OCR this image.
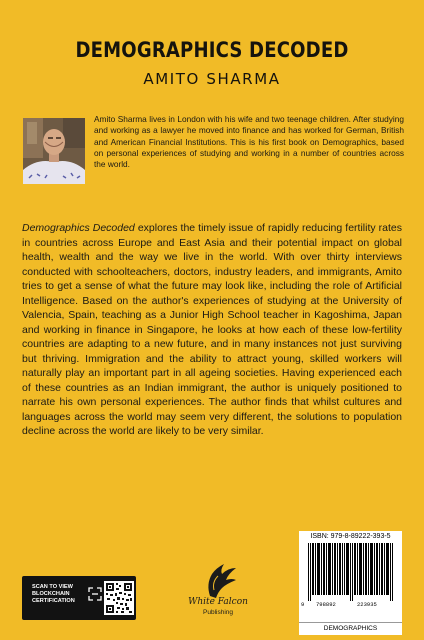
DEMOGRAPHICS DECODED
AMITO SHARMA
Amito Sharma lives in London with his wife and two teenage children. After studying and working as a lawyer he moved into finance and has worked for German, British and American Financial Institutions. This is his first book on Demographics, based on personal experiences of studying and working in a number of countries across the world.
Demographics Decoded explores the timely issue of rapidly reducing fertility rates in countries across Europe and East Asia and their potential impact on global health, wealth and the way we live in the world. With over thirty interviews conducted with schoolteachers, doctors, industry leaders, and immigrants, Amito tries to get a sense of what the future may look like, including the role of Artificial Intelligence. Based on the author's experiences of studying at the University of Valencia, Spain, teaching as a Junior High School teacher in Kagoshima, Japan and working in finance in Singapore, he looks at how each of these low-fertility countries are adapting to a new future, and in many instances not just surviving but thriving. Immigration and the ability to attract young, skilled workers will naturally play an important part in all ageing societies. Having experienced each of these countries as an Indian immigrant, the author is uniquely positioned to narrate his own personal experiences. The author finds that whilst cultures and languages across the world may seem very different, the solutions to population decline across the world are likely to be very similar.
SCAN TO VIEW
BLOCKCHAIN
CERTIFICATION	White Falcon
Publishing
ISBN: 979-8-89222-393-5
9 798892	223935
DEMOGRAPHICS
